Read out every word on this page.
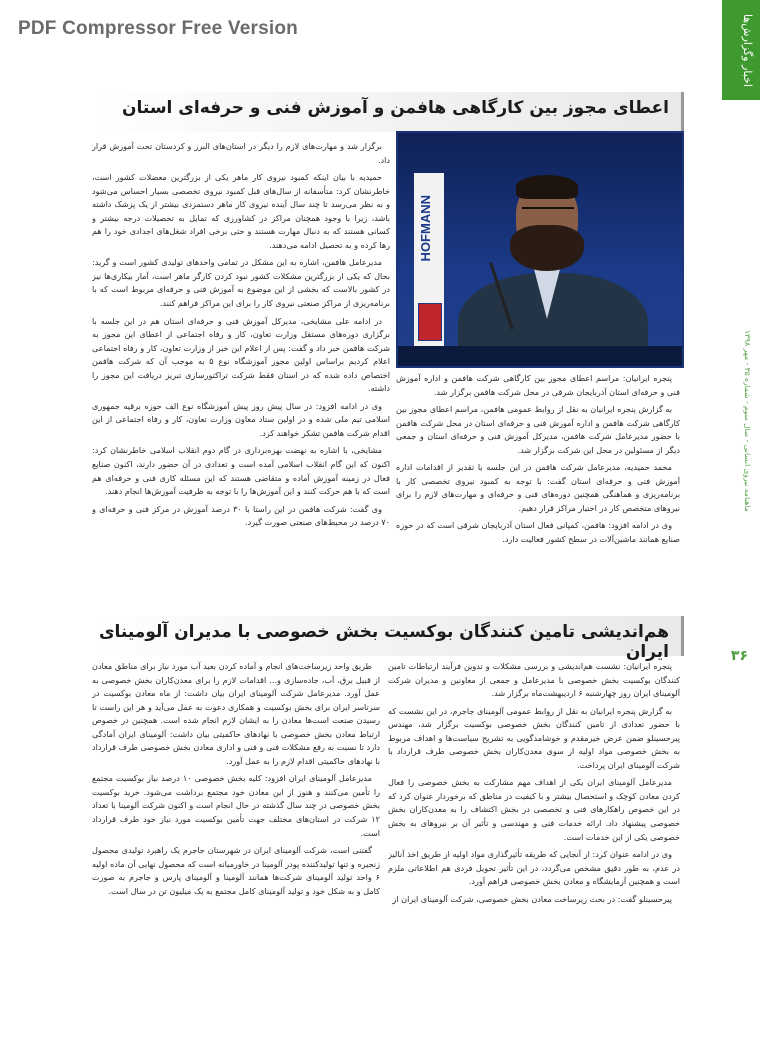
PDF Compressor Free Version	اخبار وگزارش‌ها
ماهنامه نیروی انسانی - سال سوم - شماره ۳۵ - مهر ۱۳۹۸
۳۶
اعطای مجوز بین کارگاهی هافمن و آموزش فنی و حرفه‌ای استان
HOFMANN

برگزار شد و مهارت‌های لازم را دیگر در استان‌های البرز و کردستان تحت آموزش قرار داد.

حمیدیه با بیان اینکه کمبود نیروی کار ماهر یکی از بزرگترین معضلات کشور است، خاطرنشان کرد: متأسفانه از سال‌های قبل کمبود نیروی تخصصی بسیار احساس می‌شود و به نظر می‌رسد تا چند سال آینده نیروی کار ماهر دستمزدی بیشتر از یک پزشک داشته باشد، زیرا با وجود همچنان مراکز در کشاورزی که تمایل به تحصیلات درجه بیشتر و کسانی هستند که به دنبال مهارت هستند و حتی برخی افراد شغل‌های اجدادی خود را هم رها کرده و به تحصیل ادامه می‌دهند.

مدیرعامل هافمن، اشاره به این مشکل در تمامی واحدهای تولیدی کشور است و گرید: بحال که یکی از بزرگترین مشکلات کشور نبود کردن کارگر ماهر است، آمار بیکاری‌ها نیز در کشور بالاست که بخشی از این موضوع به آموزش فنی و حرفه‌ای مربوط است که با برنامه‌ریزی از مراکز صنعتی نیروی کار را برای این مراکز فراهم کنند.

در ادامه علی مشایخی، مدیرکل آموزش فنی و حرفه‌ای استان هم در این جلسه با برگزاری دوره‌های مستقل وزارت تعاون، کار و رفاه اجتماعی از اعطای این مجوز به شرکت هافمن خبر داد و گفت: پس از اعلام این خبر از وزارت تعاون، کار و رفاه اجتماعی اعلام کردیم براساس اولین مجوز آموزشگاه نوع ۵ به موجب آن که شرکت هافمن اختصاص داده شده که در استان فقط شرکت تراکتورسازی تبریز دریافت این مجوز را داشته.

وی در ادامه افزود: در سال پیش روز پیش آموزشگاه نوع الف حوزه برقیه جمهوری اسلامی تیم ملی شده و در اولین ستاد معاون وزارت تعاون، کار و رفاه اجتماعی از این اقدام شرکت هافمن تشکر خواهند کرد.

مشایخی، با اشاره به نهضت بهره‌برداری در گام دوم انقلاب اسلامی خاطرنشان کرد: اکنون که این گام انقلاب اسلامی آمده است و تعدادی در آن حضور دارند، اکنون صنایع فعال در زمینه آموزش آماده و متقاضی هستند که این مسئله کاری فنی و حرفه‌ای هم است که با هم حرکت کنند و این آموزش‌ها را با توجه به ظرفیت آموزش‌ها انجام دهند.

وی گفت: شرکت هافمن در این راستا با ۳۰ درصد آموزش در مرکز فنی و حرفه‌ای و ۷۰ درصد در محیط‌های صنعتی صورت گیرد.

پنجره ایرانیان: مراسم اعطای مجوز بین کارگاهی شرکت هافمن و اداره آموزش فنی و حرفه‌ای استان آذربایجان شرقی در محل شرکت هافمن برگزار شد.

به گزارش پنجره ایرانیان به نقل از روابط عمومی هافمن، مراسم اعطای مجوز بین کارگاهی شرکت هافمن و اداره آموزش فنی و حرفه‌ای استان در محل شرکت هافمن با حضور مدیرعامل شرکت هافمن، مدیرکل آموزش فنی و حرفه‌ای استان و جمعی دیگر از مسئولین در محل این شرکت برگزار شد.

محمد حمیدیه، مدیرعامل شرکت هافمن در این جلسه با تقدیر از اقدامات اداره آموزش فنی و حرفه‌ای استان گفت: با توجه به کمبود نیروی تخصصی کار با برنامه‌ریزی و هماهنگی همچنین دوره‌های فنی و حرفه‌ای و مهارت‌های لازم را برای نیروهای متخصص کار در اختیار مراکز قرار دهیم.

وی در ادامه افزود: هافمن، کمپانی فعال استان آذربایجان شرقی است که در حوزه صنایع همانند ماشین‌آلات در سطح کشور فعالیت دارد.

هم‌اندیشی تامین کنندگان بوکسیت بخش خصوصی با مدیران آلومینای ایران

پنجره ایرانیان: نشست هم‌اندیشی و بررسی مشکلات و تدوین فرآیند ارتباطات تامین کنندگان بوکسیت بخش خصوصی با مدیرعامل و جمعی از معاونین و مدیران شرکت آلومینای ایران روز چهارشنبه ۶ اردیبهشت‌ماه برگزار شد.

به گزارش پنجره ایرانیان به نقل از روابط عمومی آلومینای جاجرم، در این نشست که با حضور تعدادی از تامین کنندگان بخش خصوصی بوکسیت برگزار شد، مهندس پیرحسینلو ضمن عرض خیرمقدم و خوشامدگویی به تشریح سیاست‌ها و اهداف مربوط به بخش خصوصی مواد اولیه از سوی معدن‌کاران بخش خصوصی طرف قرارداد با شرکت آلومینای ایران پرداخت.

مدیرعامل آلومینای ایران یکی از اهداف مهم مشارکت به بخش خصوصی را فعال کردن معادن کوچک و استحصال بیشتر و با کیفیت در مناطق که برخوردار عنوان کرد که در این خصوص راهکارهای فنی و تخصصی در بخش اکتشاف را به معدن‌کاران بخش خصوصی پیشنهاد داد. ارائه خدمات فنی و مهندسی و تأثیر آن بر نیروهای به بخش خصوصی یکی از این خدمات است.

وی در ادامه عنوان کرد: از آنجایی که طریقه تأثیرگذاری مواد اولیه از طریق اخذ آنالیز در عدم، به طور دقیق مشخص می‌گردد، در این تأثیر تحویل فردی هم اطلاعاتی ملزم است و همچنین آزمایشگاه و معادن بخش خصوصی فراهم آورد.

پیرحسینلو گفت: در بحث زیرساخت معادن بخش خصوصی، شرکت آلومینای ایران از

طریق واحد زیرساخت‌های انجام و آماده کردن بعید آب مورد نیاز برای مناطق معادن از قبیل برق، آب، جاده‌سازی و... اقدامات لازم را برای معدن‌کاران بخش خصوصی به عمل آورد. مدیرعامل شرکت آلومینای ایران بیان داشت: از ماه معادن بوکسیت در سرتاسر ایران برای بخش بوکسیت و همکاری دعوت به عمل می‌آید و هر این راست تا رسیدن صنعت است‌ها معادن را به ایشان لازم انجام شده است. همچنین در خصوص ارتباط معادن بخش خصوصی با نهادهای حاکمیتی بیان داشت: آلومینای ایران آمادگی دارد تا نسبت به رفع مشکلات فنی و فنی و اداری معادن بخش خصوصی طرف قرارداد با نهادهای حاکمیتی اقدام لازم را به عمل آورد.

مدیرعامل آلومینای ایران افزود: کلیه بخش خصوصی ۱۰ درصد نیاز بوکسیت مجتمع را تأمین می‌کنند و هنوز از این معادن خود مجتمع برداشت می‌شود. خرید بوکسیت بخش خصوصی در چند سال گذشته در حال انجام است و اکنون شرکت آلومینا با تعداد ۱۲ شرکت در استان‌های مختلف جهت تأمین بوکسیت مورد نیاز خود طرف قرارداد است.

گفتنی است، شرکت آلومینای ایران در شهرستان جاجرم یک راهبرد تولیدی محصول زنجیره و تنها تولیدکننده پودر آلومینا در خاورمیانه است که محصول نهایی آن ماده اولیه ۶ واحد تولید آلومینای شرکت‌ها همانند آلومینا و آلومینای پارس و جاجرم به صورت کامل و به شکل خود و تولید آلومینای کامل مجتمع به یک میلیون تن در سال است.
